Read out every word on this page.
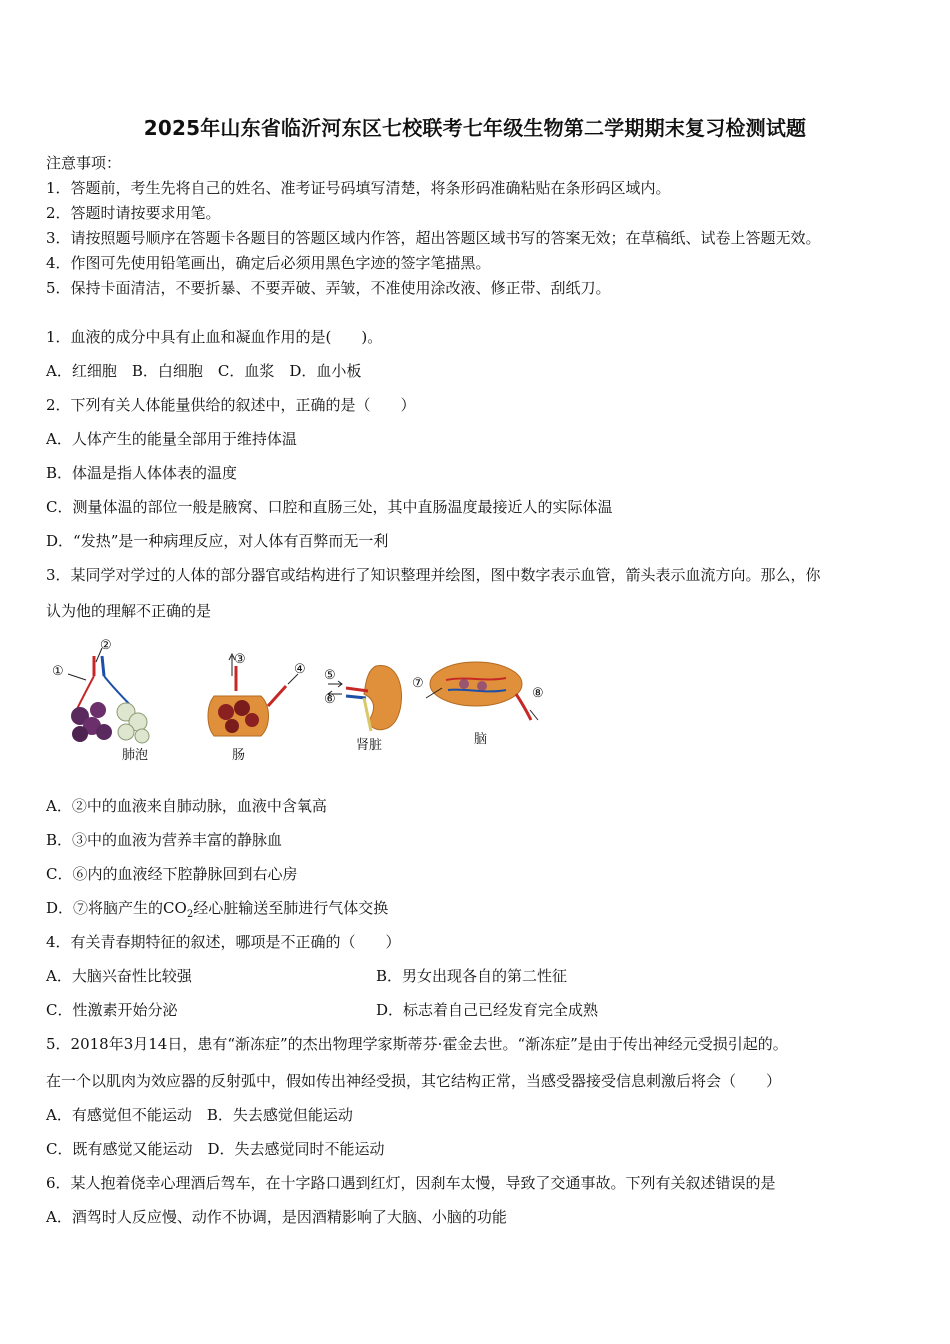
2025年山东省临沂河东区七校联考七年级生物第二学期期末复习检测试题
注意事项：
1．答题前，考生先将自己的姓名、准考证号码填写清楚，将条形码准确粘贴在条形码区域内。
2．答题时请按要求用笔。
3．请按照题号顺序在答题卡各题目的答题区域内作答，超出答题区域书写的答案无效；在草稿纸、试卷上答题无效。
4．作图可先使用铅笔画出，确定后必须用黑色字迹的签字笔描黑。
5．保持卡面清洁，不要折暴、不要弄破、弄皱，不准使用涂改液、修正带、刮纸刀。
1．血液的成分中具有止血和凝血作用的是(　　)。
A．红细胞　B．白细胞　C．血浆　D．血小板
2．下列有关人体能量供给的叙述中，正确的是（　　）
A．人体产生的能量全部用于维持体温
B．体温是指人体体表的温度
C．测量体温的部位一般是腋窝、口腔和直肠三处，其中直肠温度最接近人的实际体温
D．“发热”是一种病理反应，对人体有百弊而无一利
3．某同学对学过的人体的部分器官或结构进行了知识整理并绘图，图中数字表示血管，箭头表示血流方向。那么，你
认为他的理解不正确的是
肺泡	肠
肾脏	脑
①
②
③
④ ⑤
⑥
⑦
⑧
A．②中的血液来自肺动脉，血液中含氧高
B．③中的血液为营养丰富的静脉血
C．⑥内的血液经下腔静脉回到右心房
D．⑦将脑产生的$CO_2$经心脏输送至肺进行气体交换
4．有关青春期特征的叙述，哪项是不正确的（　　）
A．大脑兴奋性比较强	B．男女出现各自的第二性征
C．性激素开始分泌	D．标志着自己已经发育完全成熟
5．2018年3月14日，患有“渐冻症”的杰出物理学家斯蒂芬·霍金去世。“渐冻症”是由于传出神经元受损引起的。
在一个以肌肉为效应器的反射弧中，假如传出神经受损，其它结构正常，当感受器接受信息刺激后将会（　　）
A．有感觉但不能运动　B．失去感觉但能运动
C．既有感觉又能运动　D．失去感觉同时不能运动
6．某人抱着侥幸心理酒后驾车，在十字路口遇到红灯，因刹车太慢，导致了交通事故。下列有关叙述错误的是
A．酒驾时人反应慢、动作不协调，是因酒精影响了大脑、小脑的功能
